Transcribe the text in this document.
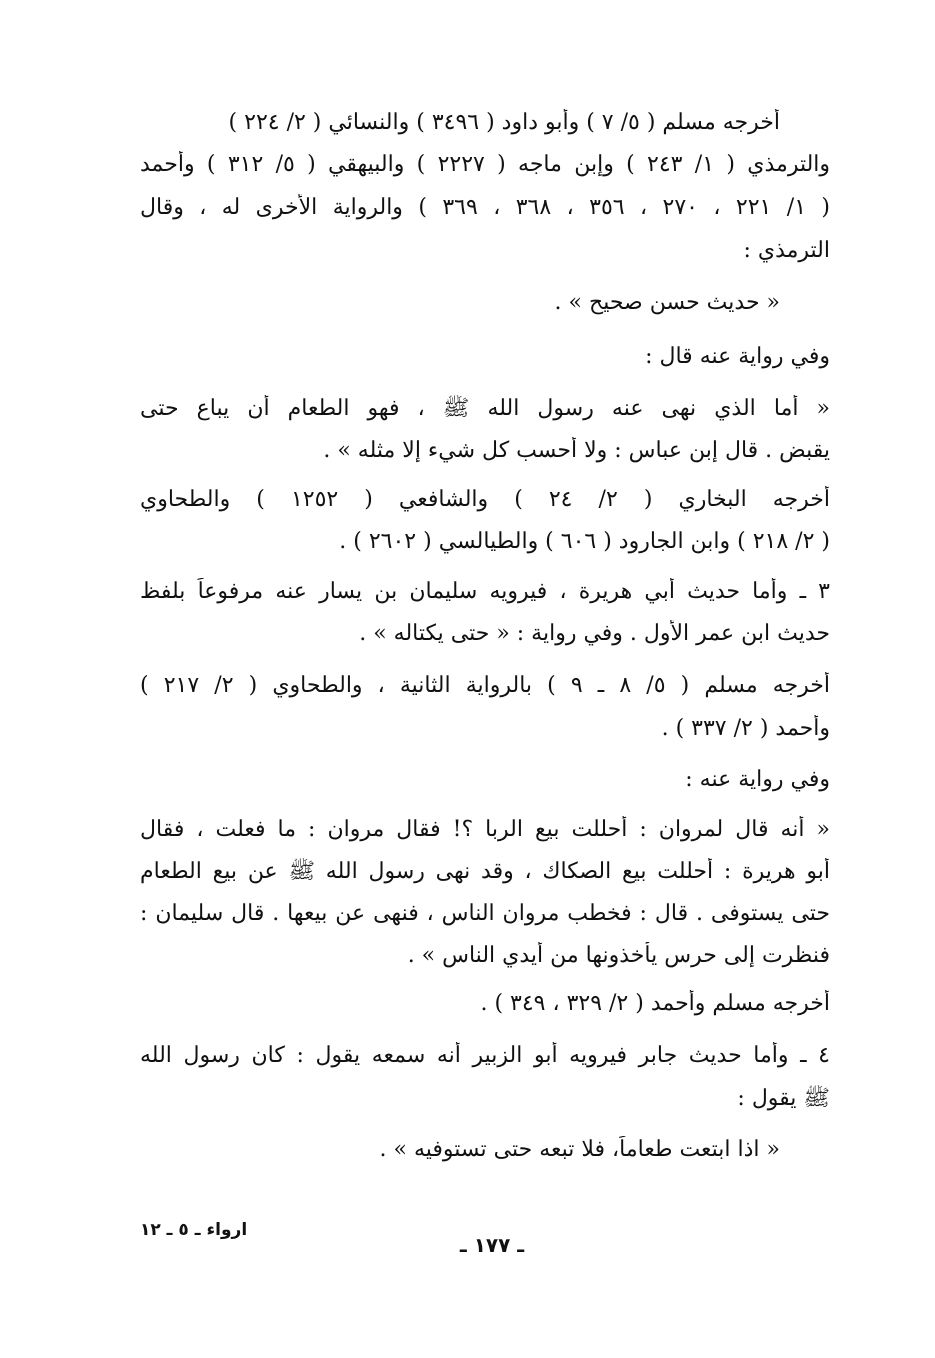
أخرجه مسلم ( ٥/ ٧ ) وأبو داود ( ٣٤٩٦ ) والنسائي ( ٢/ ٢٢٤ )
والترمذي ( ١/ ٢٤٣ ) وإبن ماجه ( ٢٢٢٧ ) والبيهقي ( ٥/ ٣١٢ ) وأحمد
( ١/ ٢٢١ ، ٢٧٠ ، ٣٥٦ ، ٣٦٨ ، ٣٦٩ ) والرواية الأخرى له ، وقال
الترمذي :
« حديث حسن صحيح » .
وفي رواية عنه قال :
« أما الذي نهى عنه رسول الله ﷺ ، فهو الطعام أن يباع حتى
يقبض . قال إبن عباس : ولا أحسب كل شيء إلا مثله » .
أخرجه البخاري ( ٢/ ٢٤ ) والشافعي ( ١٢٥٢ ) والطحاوي
( ٢/ ٢١٨ ) وابن الجارود ( ٦٠٦ ) والطيالسي ( ٢٦٠٢ ) .
٣ ـ وأما حديث أبي هريرة ، فيرويه سليمان بن يسار عنه مرفوعاً بلفظ
حديث ابن عمر الأول . وفي رواية : « حتى يكتاله » .
أخرجه مسلم ( ٥/ ٨ ـ ٩ ) بالرواية الثانية ، والطحاوي ( ٢/ ٢١٧ )
وأحمد ( ٢/ ٣٣٧ ) .
وفي رواية عنه :
« أنه قال لمروان : أحللت بيع الربا ؟! فقال مروان : ما فعلت ، فقال
أبو هريرة : أحللت بيع الصكاك ، وقد نهى رسول الله ﷺ عن بيع الطعام
حتى يستوفى . قال : فخطب مروان الناس ، فنهى عن بيعها . قال سليمان :
فنظرت إلى حرس يأخذونها من أيدي الناس » .
أخرجه مسلم وأحمد ( ٢/ ٣٢٩ ، ٣٤٩ ) .
٤ ـ وأما حديث جابر فيرويه أبو الزبير أنه سمعه يقول : كان رسول الله
ﷺ يقول :
« اذا ابتعت طعاماً، فلا تبعه حتى تستوفيه » .
ارواء ـ ٥ ـ ١٢
ـ ١٧٧ ـ
